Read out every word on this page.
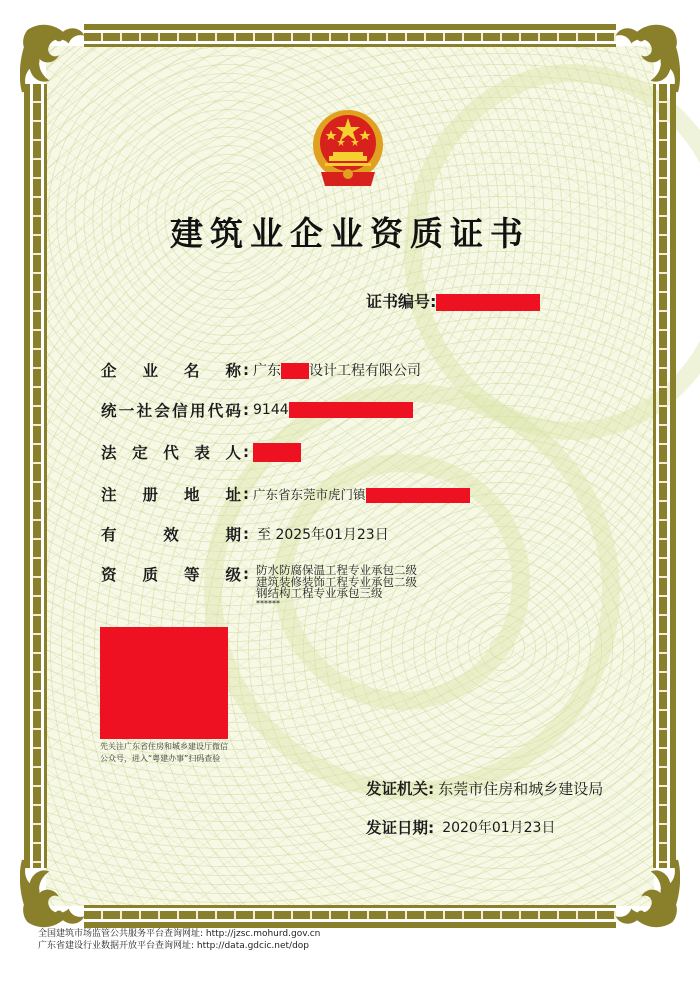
建筑业企业资质证书
证书编号:
企 业 名 称 : 广东 设计工程有限公司
统 一 社 会 信 用 代 码 : 9144
法 定 代 表 人 :
注 册 地 址 : 广东省东莞市虎门镇
有	效	期 : 至 2025年01月23日
资 质 等 级 : 防水防腐保温工程专业承包二级
建筑装修装饰工程专业承包二级
钢结构工程专业承包三级
******
先关注广东省住房和城乡建设厅微信
公众号，进入“粤建办事”扫码查验
发证机关: 东莞市住房和城乡建设局
发证日期: 2020年01月23日
全国建筑市场监管公共服务平台查询网址: http://jzsc.mohurd.gov.cn
广东省建设行业数据开放平台查询网址: http://data.gdcic.net/dop
